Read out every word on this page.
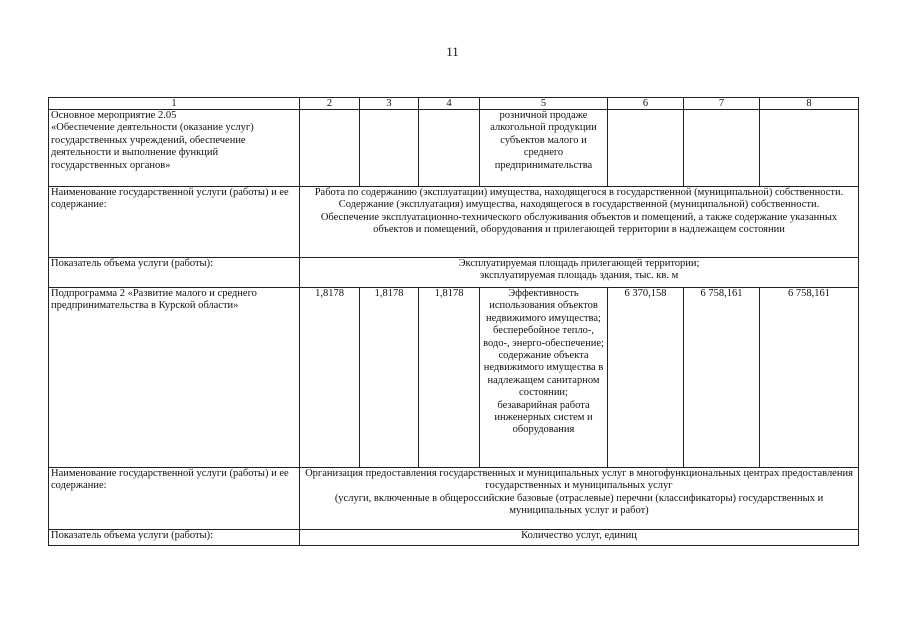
11
1	2	3	4	5	6	7	8
Основное мероприятие 2.05
«Обеспечение деятельности (оказание услуг) государственных учреждений, обеспечение деятельности и выполнение функций государственных органов»				розничной продаже алкогольной продукции субъектов малого и среднего предпринимательства			
Наименование государственной услуги (работы) и ее содержание:	Работа по содержанию (эксплуатации) имущества, находящегося в государственной (муниципальной) собственности.
Содержание (эксплуатация) имущества, находящегося в государственной (муниципальной) собственности.
Обеспечение эксплуатационно-технического обслуживания объектов и помещений, а также содержание указанных объектов и помещений, оборудования и прилегающей территории в надлежащем состоянии						
Показатель объема услуги (работы):	Эксплуатируемая площадь прилегающей территории;
эксплуатируемая площадь здания, тыс. кв. м						
Подпрограмма 2 «Развитие малого и среднего предпринимательства в Курской области»	1,8178	1,8178	1,8178	Эффективность использования объектов недвижимого имущества;
бесперебойное тепло-, водо-, энерго-обеспечение;
содержание объекта недвижимого имущества в надлежащем санитарном состоянии;
безаварийная работа инженерных систем и оборудования	6 370,158	6 758,161	6 758,161
Наименование государственной услуги (работы) и ее содержание:	Организация предоставления государственных и муниципальных услуг в многофункциональных центрах предоставления государственных и муниципальных услуг
(услуги, включенные в общероссийские базовые (отраслевые) перечни (классификаторы) государственных и муниципальных услуг и работ)						
Показатель объема услуги (работы):	Количество услуг, единиц						
